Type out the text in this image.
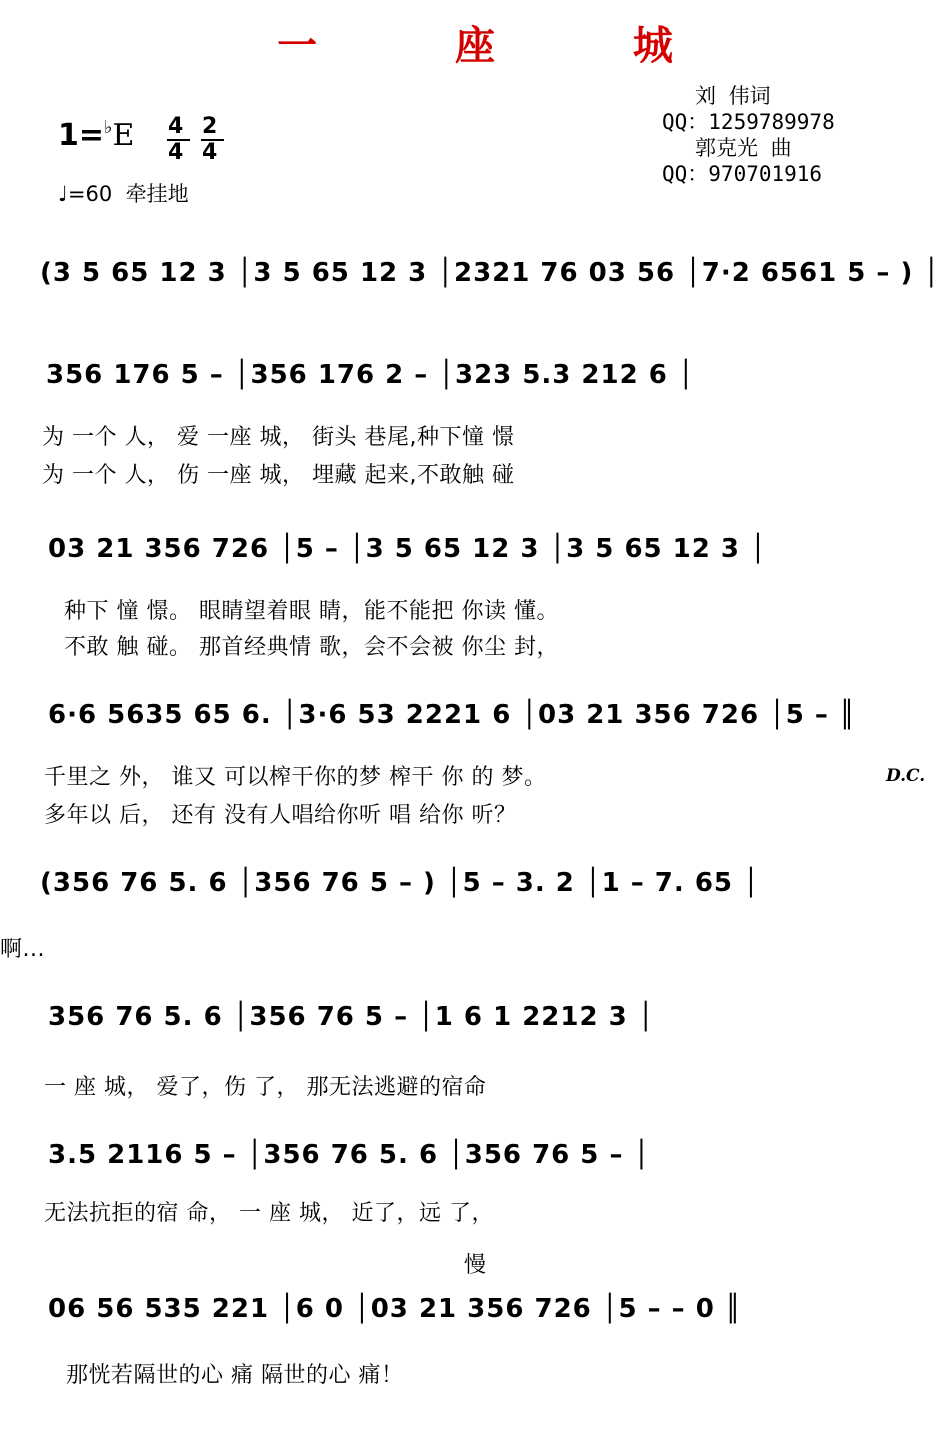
一 座 城
刘 伟词
QQ：1259789978
郭克光 曲
QQ：970701916
1=♭E 4
4
2
4
♩=60 牵挂地
(3 5 65 12 3 │3 5 65 12 3 │2321 76 03 56 │7·2 6561 5 – ) │
356 176 5 – │356 176 2 – │323 5.3 212 6 │
为 一个 人， 爱 一座 城， 街头 巷尾,种下憧 憬
为 一个 人， 伤 一座 城， 埋藏 起来,不敢触 碰
03 21 356 726 │5 – │3 5 65 12 3 │3 5 65 12 3 │
种下 憧 憬。 眼睛望着眼 睛，能不能把 你读 懂。
不敢 触 碰。 那首经典情 歌，会不会被 你尘 封，
6·6 5635 65 6. │3·6 53 2221 6 │03 21 356 726 │5 – ║
千里之 外， 谁又 可以榨干你的梦 榨干 你 的 梦。	D.C.
多年以 后， 还有 没有人唱给你听 唱 给你 听？
(356 76 5. 6 │356 76 5 – ) │5 – 3. 2 │1 – 7. 65 │
啊...
356 76 5. 6 │356 76 5 – │1 6 1 2212 3 │
一 座 城， 爱了，伤 了， 那无法逃避的宿命
3.5 2116 5 – │356 76 5. 6 │356 76 5 – │
无法抗拒的宿 命， 一 座 城， 近了，远 了，
慢
06 56 535 221 │6 0 │03 21 356 726 │5 – – 0 ║
那恍若隔世的心 痛 隔世的心 痛！
